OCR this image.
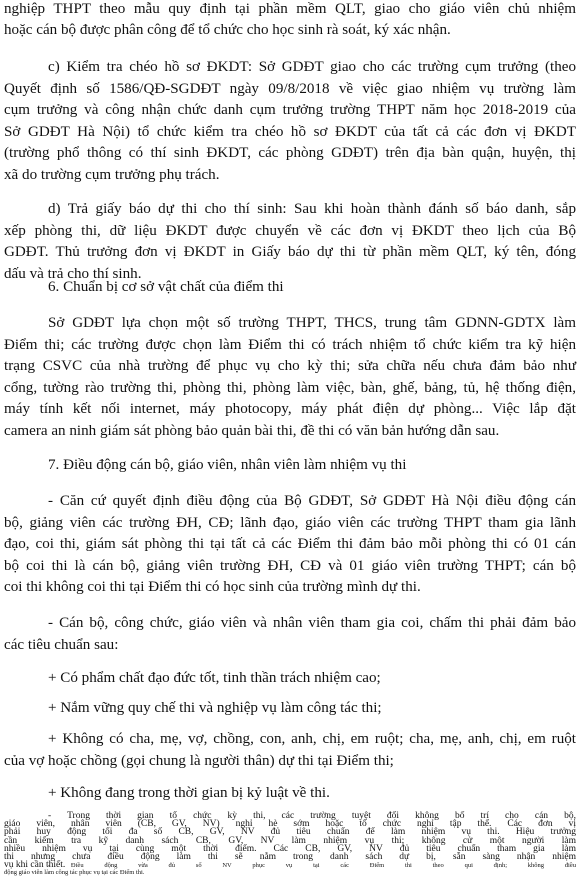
nghiệp THPT theo mẫu quy định tại phần mềm QLT, giao cho giáo viên chủ nhiệm
hoặc cán bộ được phân công để tổ chức cho học sinh rà soát, ký xác nhận.
c) Kiểm tra chéo hồ sơ ĐKDT: Sở GDĐT giao cho các trường cụm trưởng (theo
Quyết định số 1586/QĐ-SGDĐT ngày 09/8/2018 về việc giao nhiệm vụ trường làm
cụm trưởng và công nhận chức danh cụm trưởng trường THPT năm học 2018-2019 của
Sở GDĐT Hà Nội) tổ chức kiểm tra chéo hồ sơ ĐKDT của tất cả các đơn vị ĐKDT
(trường phổ thông có thí sinh ĐKDT, các phòng GDĐT) trên địa bàn quận, huyện, thị
xã do trường cụm trưởng phụ trách.
d) Trả giấy báo dự thi cho thí sinh: Sau khi hoàn thành đánh số báo danh, sắp
xếp phòng thi, dữ liệu ĐKDT được chuyển về các đơn vị ĐKDT theo lịch của Bộ
GDĐT. Thủ trưởng đơn vị ĐKDT in Giấy báo dự thi từ phần mềm QLT, ký tên, đóng
dấu và trả cho thí sinh.
6. Chuẩn bị cơ sở vật chất của điểm thi
Sở GDĐT lựa chọn một số trường THPT, THCS, trung tâm GDNN-GDTX làm
Điểm thi; các trường được chọn làm Điểm thi có trách nhiệm tổ chức kiểm tra kỹ hiện
trạng CSVC của nhà trường để phục vụ cho kỳ thi; sửa chữa nếu chưa đảm bảo như
cổng, tường rào trường thi, phòng thi, phòng làm việc, bàn, ghế, bảng, tủ, hệ thống điện,
máy tính kết nối internet, máy photocopy, máy phát điện dự phòng... Việc lắp đặt
camera an ninh giám sát phòng bảo quản bài thi, đề thi có văn bản hướng dẫn sau.
7. Điều động cán bộ, giáo viên, nhân viên làm nhiệm vụ thi
- Căn cứ quyết định điều động của Bộ GDĐT, Sở GDĐT Hà Nội điều động cán
bộ, giảng viên các trường ĐH, CĐ; lãnh đạo, giáo viên các trường THPT tham gia lãnh
đạo, coi thi, giám sát phòng thi tại tất cả các Điểm thi đảm bảo mỗi phòng thi có 01 cán
bộ coi thi là cán bộ, giảng viên trường ĐH, CĐ và 01 giáo viên trường THPT; cán bộ
coi thi không coi thi tại Điểm thi có học sinh của trường mình dự thi.
- Cán bộ, công chức, giáo viên và nhân viên tham gia coi, chấm thi phải đảm bảo
các tiêu chuẩn sau:
+ Có phẩm chất đạo đức tốt, tinh thần trách nhiệm cao;
+ Nắm vững quy chế thi và nghiệp vụ làm công tác thi;
+ Không có cha, mẹ, vợ, chồng, con, anh, chị, em ruột; cha, mẹ, anh, chị, em ruột
của vợ hoặc chồng (gọi chung là người thân) dự thi tại Điểm thi;
+ Không đang trong thời gian bị kỷ luật về thi.
- Trong thời gian tổ chức kỳ thi, các trường tuyệt đối không bố trí cho cán bộ,
giáo viên, nhân viên (CB, GV, NV) nghỉ hè sớm hoặc tổ chức nghỉ tập thể. Các đơn vị
phải huy động tối đa số CB, GV, NV đủ tiêu chuẩn để làm nhiệm vụ thi. Hiệu trưởng
cần kiểm tra kỹ danh sách CB, GV, NV làm nhiệm vụ thi; không cử một người làm
nhiều nhiệm vụ tại cùng một thời điểm. Các CB, GV, NV đủ tiêu chuẩn tham gia làm
thi nhưng chưa điều động làm thi sẽ nằm trong danh sách dự bị, sẵn sàng nhận nhiệm
vụ khi cần thiết.
- Điều động vừa đủ số NV phục vụ tại các Điểm thi theo qui định; không điều
động giáo viên làm công tác phục vụ tại các Điểm thi.
